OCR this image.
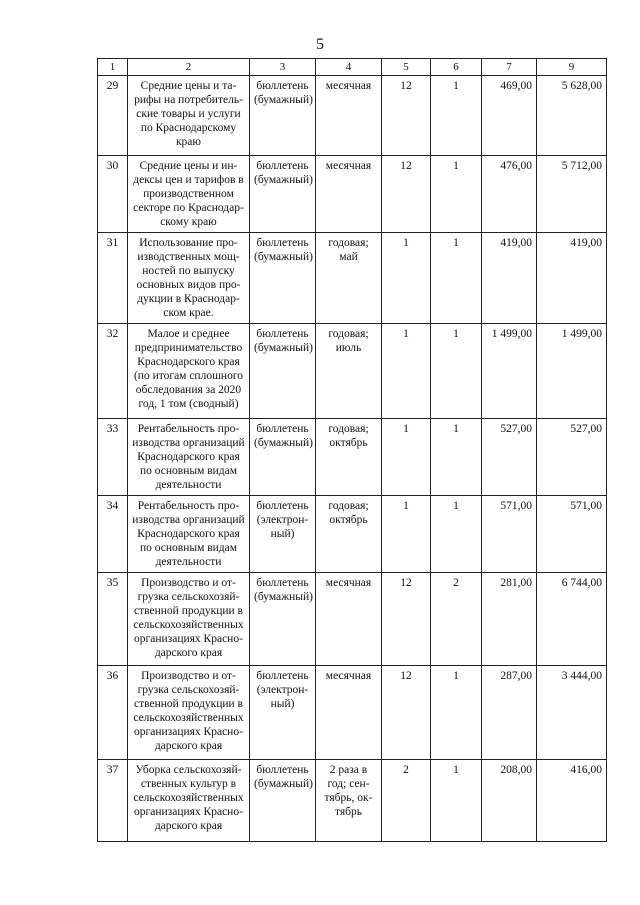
5
1	2	3	4	5	6	7	9
29	Средние цены и тарифы на потребительские товары и услуги по Краснодарскому краю	бюллетень (бумажный)	месячная	12	1	469,00	5 628,00
30	Средние цены и индексы цен и тарифов в производственном секторе по Краснодарскому краю	бюллетень (бумажный)	месячная	12	1	476,00	5 712,00
31	Использование производственных мощностей по выпуску основных видов продукции в Краснодарском крае.	бюллетень (бумажный)	годовая; май	1	1	419,00	419,00
32	Малое и среднее предпринимательство Краснодарского края (по итогам сплошного обследования за 2020 год, 1 том (сводный)	бюллетень (бумажный)	годовая; июль	1	1	1 499,00	1 499,00
33	Рентабельность производства организаций Краснодарского края по основным видам деятельности	бюллетень (бумажный)	годовая; октябрь	1	1	527,00	527,00
34	Рентабельность производства организаций Краснодарского края по основным видам деятельности	бюллетень (электронный)	годовая; октябрь	1	1	571,00	571,00
35	Производство и отгрузка сельскохозяйственной продукции в сельскохозяйственных организациях Краснодарского края	бюллетень (бумажный)	месячная	12	2	281,00	6 744,00
36	Производство и отгрузка сельскохозяйственной продукции в сельскохозяйственных организациях Краснодарского края	бюллетень (электронный)	месячная	12	1	287,00	3 444,00
37	Уборка сельскохозяйственных культур в сельскохозяйственных организациях Краснодарского края	бюллетень (бумажный)	2 раза в год; сентябрь, октябрь	2	1	208,00	416,00
